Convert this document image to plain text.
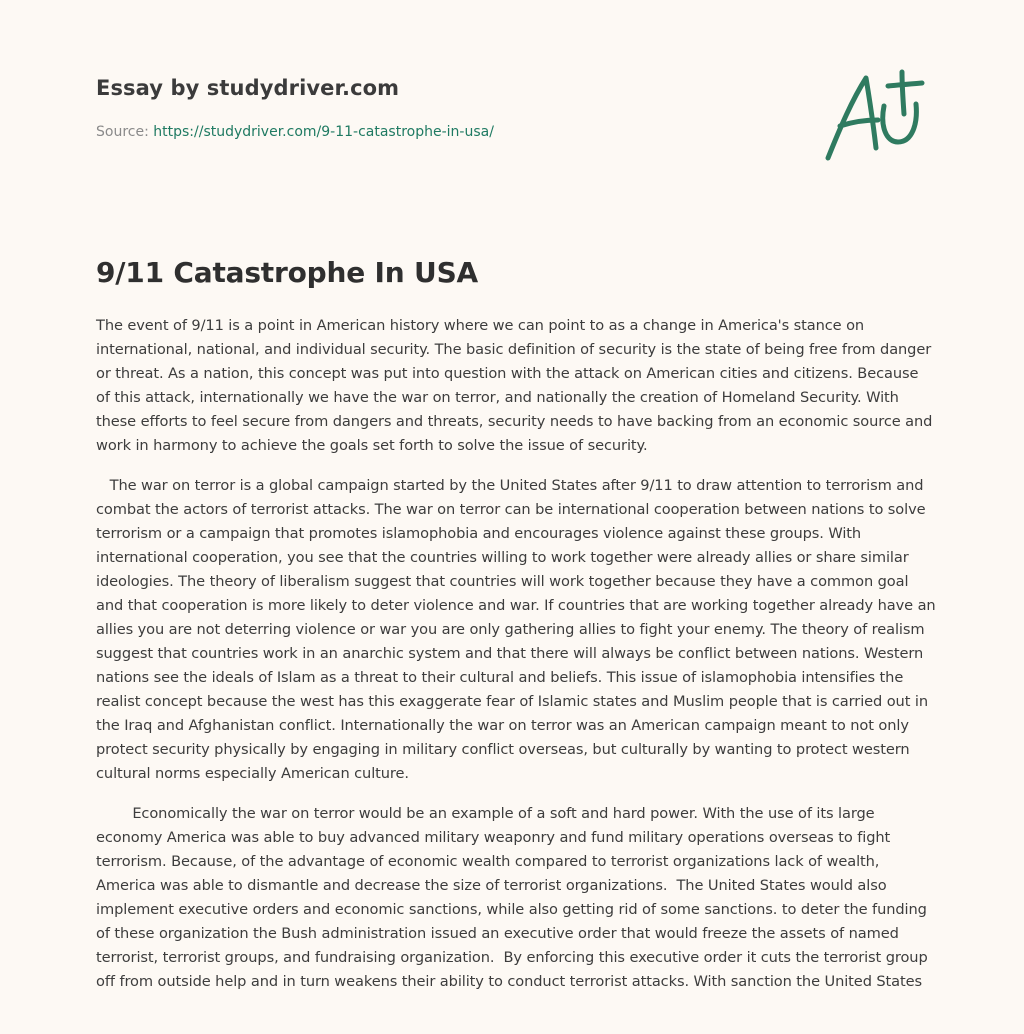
Essay by studydriver.com
Source: https://studydriver.com/9-11-catastrophe-in-usa/
9/11 Catastrophe In USA

The event of 9/11 is a point in American history where we can point to as a change in America's stance on international, national, and individual security. The basic definition of security is the state of being free from danger or threat. As a nation, this concept was put into question with the attack on American cities and citizens. Because of this attack, internationally we have the war on terror, and nationally the creation of Homeland Security. With these efforts to feel secure from dangers and threats, security needs to have backing from an economic source and work in harmony to achieve the goals set forth to solve the issue of security.

The war on terror is a global campaign started by the United States after 9/11 to draw attention to terrorism and combat the actors of terrorist attacks. The war on terror can be international cooperation between nations to solve terrorism or a campaign that promotes islamophobia and encourages violence against these groups. With international cooperation, you see that the countries willing to work together were already allies or share similar ideologies. The theory of liberalism suggest that countries will work together because they have a common goal and that cooperation is more likely to deter violence and war. If countries that are working together already have an allies you are not deterring violence or war you are only gathering allies to fight your enemy. The theory of realism suggest that countries work in an anarchic system and that there will always be conflict between nations. Western nations see the ideals of Islam as a threat to their cultural and beliefs. This issue of islamophobia intensifies the realist concept because the west has this exaggerate fear of Islamic states and Muslim people that is carried out in the Iraq and Afghanistan conflict. Internationally the war on terror was an American campaign meant to not only protect security physically by engaging in military conflict overseas, but culturally by wanting to protect western cultural norms especially American culture.

Economically the war on terror would be an example of a soft and hard power. With the use of its large economy America was able to buy advanced military weaponry and fund military operations overseas to fight terrorism. Because, of the advantage of economic wealth compared to terrorist organizations lack of wealth, America was able to dismantle and decrease the size of terrorist organizations.  The United States would also implement executive orders and economic sanctions, while also getting rid of some sanctions. to deter the funding of these organization the Bush administration issued an executive order that would freeze the assets of named terrorist, terrorist groups, and fundraising organization.  By enforcing this executive order it cuts the terrorist group off from outside help and in turn weakens their ability to conduct terrorist attacks. With sanction the United States
